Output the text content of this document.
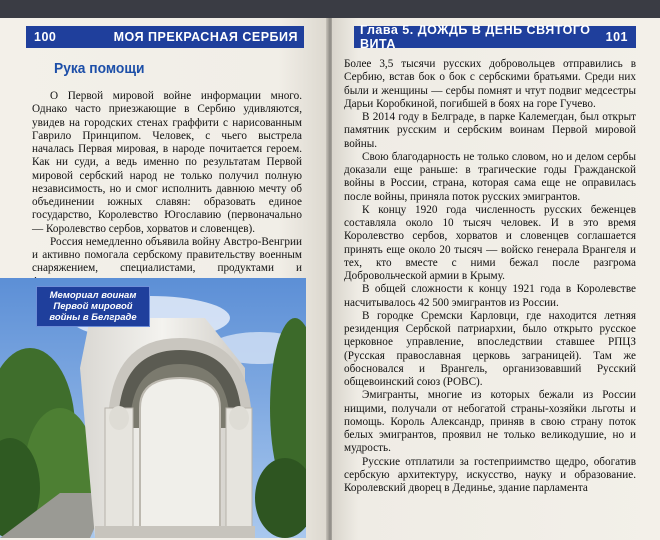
100	МОЯ ПРЕКРАСНАЯ СЕРБИЯ
Рука помощи

О Первой мировой войне информации много. Однако часто приезжающие в Сербию удивляются, увидев на городских стенах граффити с нарисованным Гаврило Принципом. Человек, с чьего выстрела началась Первая мировая, в народе почитается героем. Как ни суди, а ведь именно по результатам Первой мировой сербский народ не только получил полную независимость, но и смог исполнить давнюю мечту об объединении южных славян: образовать единое государство, Королевство Югославию (первоначально — Королевство сербов, хорватов и словенцев).

Россия немедленно объявила войну Австро-Венгрии и активно помогала сербскому правительству военным снаряжением, специалистами, продуктами и

Мемориал воинам Первой мировой войны в Белграде
Глава 5. ДОЖДЬ В ДЕНЬ СВЯТОГО ВИТА	101

Более 3,5 тысячи русских добровольцев отправились в Сербию, встав бок о бок с сербскими братьями. Среди них были и женщины — сербы помнят и чтут подвиг медсестры Дарьи Коробкиной, погибшей в боях на горе Гучево.

В 2014 году в Белграде, в парке Калемегдан, был открыт памятник русским и сербским воинам Первой мировой войны.

Свою благодарность не только словом, но и делом сербы доказали еще раньше: в трагические годы Гражданской войны в России, страна, которая сама еще не оправилась после войны, приняла поток русских эмигрантов.

К концу 1920 года численность русских беженцев составляла около 10 тысяч человек. И в это время Королевство сербов, хорватов и словенцев соглашается принять еще около 20 тысяч — войско генерала Врангеля и тех, кто вместе с ними бежал после разгрома Добровольческой армии в Крыму.

В общей сложности к концу 1921 года в Королевстве насчитывалось 42 500 эмигрантов из России.

В городке Сремски Карловци, где находится летняя резиденция Сербской патриархии, было открыто русское церковное управление, впоследствии ставшее РПЦЗ (Русская православная церковь заграницей). Там же обосновался и Врангель, организовавший Русский общевоинский союз (РОВС).

Эмигранты, многие из которых бежали из России нищими, получали от небогатой страны-хозяйки льготы и помощь. Король Александр, приняв в свою страну поток белых эмигрантов, проявил не только великодушие, но и мудрость.

Русские отплатили за гостеприимство щедро, обогатив сербскую архитектуру, искусство, науку и образование. Королевский дворец в Дединье, здание парламента
